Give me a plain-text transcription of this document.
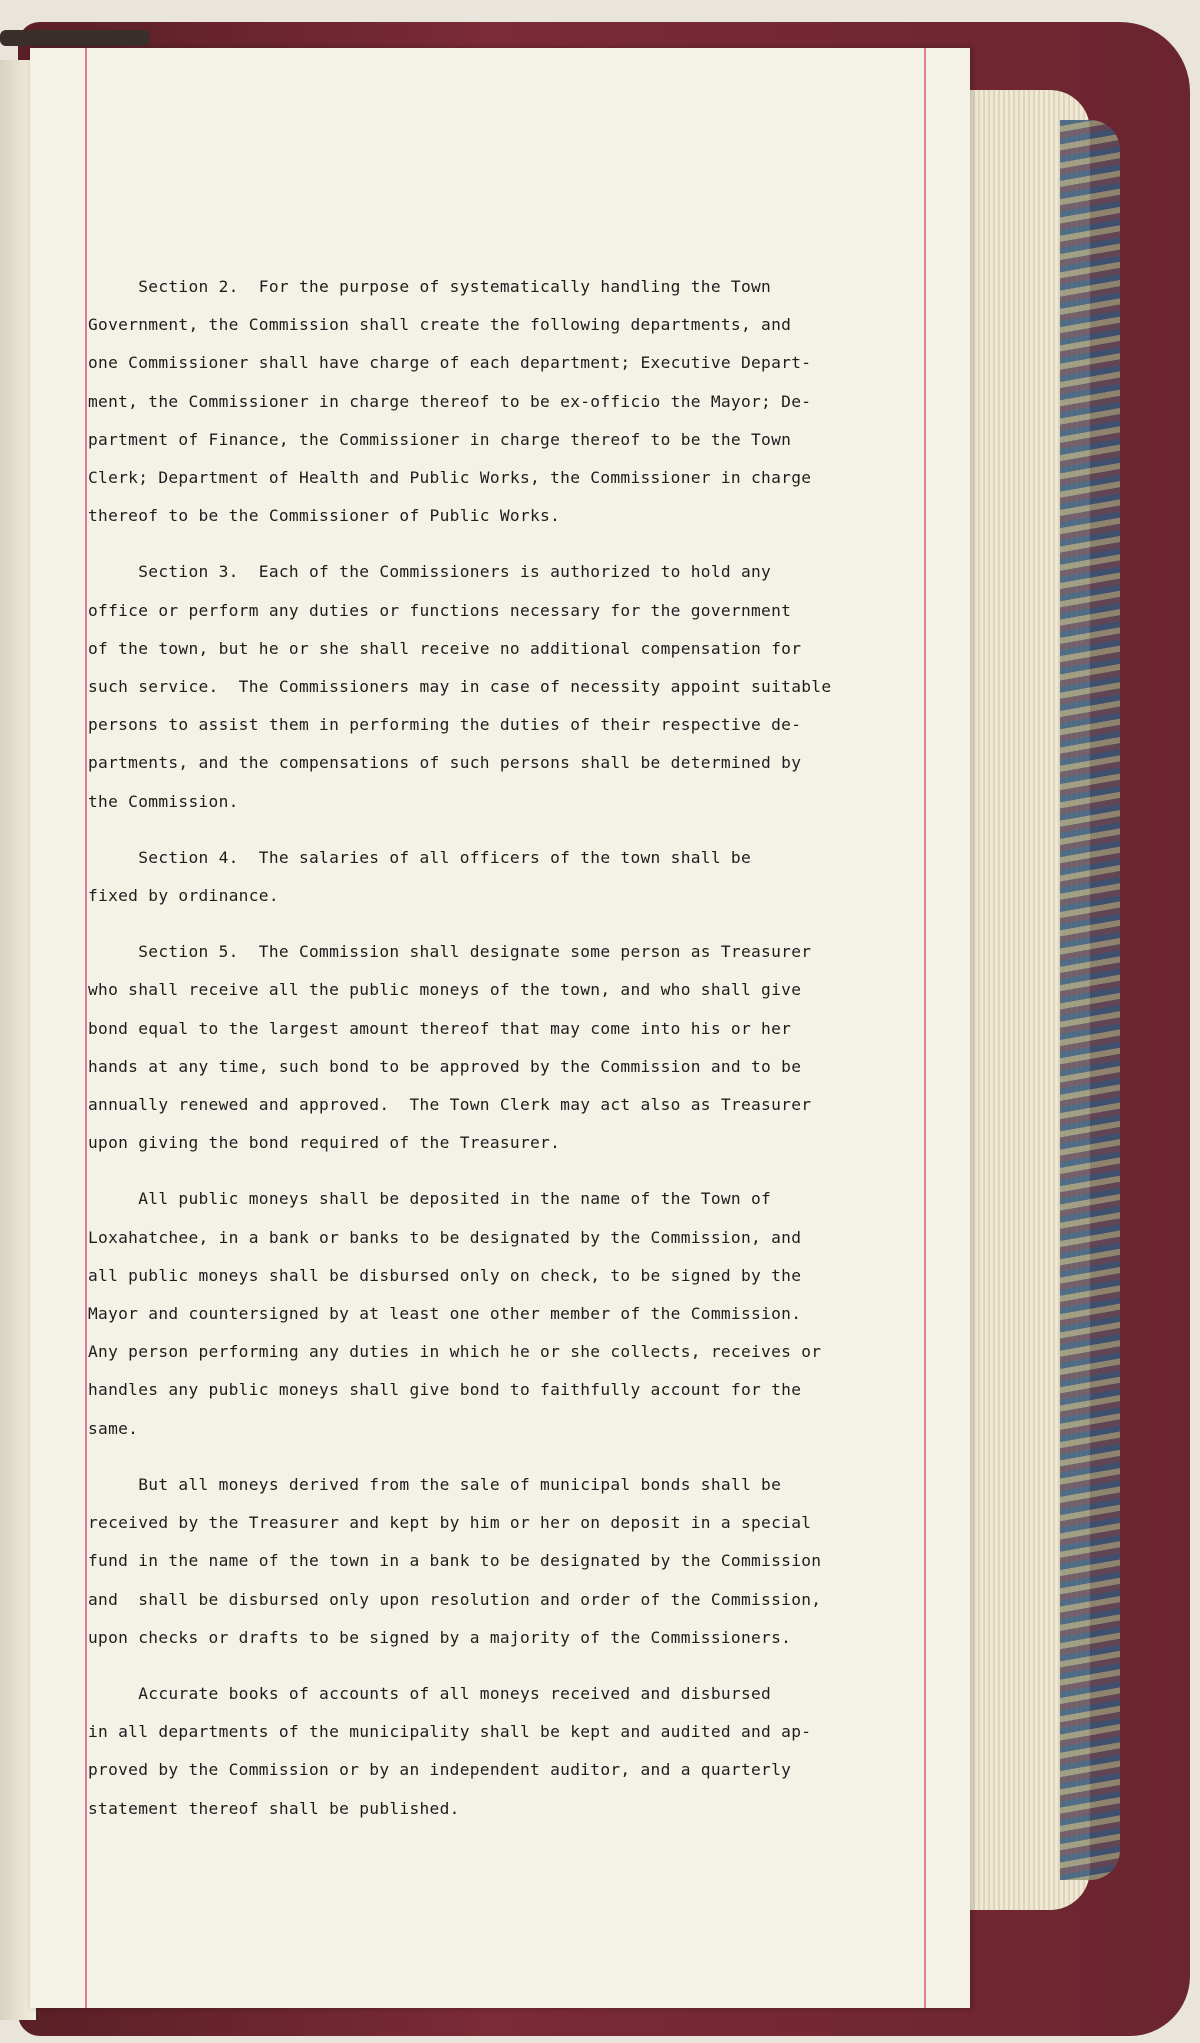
Section 2.  For the purpose of systematically handling the Town

Government, the Commission shall create the following departments, and

one Commissioner shall have charge of each department; Executive Depart-

ment, the Commissioner in charge thereof to be ex-officio the Mayor; De-

partment of Finance, the Commissioner in charge thereof to be the Town

Clerk; Department of Health and Public Works, the Commissioner in charge

thereof to be the Commissioner of Public Works.

Section 3.  Each of the Commissioners is authorized to hold any

office or perform any duties or functions necessary for the government

of the town, but he or she shall receive no additional compensation for

such service.  The Commissioners may in case of necessity appoint suitable

persons to assist them in performing the duties of their respective de-

partments, and the compensations of such persons shall be determined by

the Commission.

Section 4.  The salaries of all officers of the town shall be

fixed by ordinance.

Section 5.  The Commission shall designate some person as Treasurer

who shall receive all the public moneys of the town, and who shall give

bond equal to the largest amount thereof that may come into his or her

hands at any time, such bond to be approved by the Commission and to be

annually renewed and approved.  The Town Clerk may act also as Treasurer

upon giving the bond required of the Treasurer.

All public moneys shall be deposited in the name of the Town of

Loxahatchee, in a bank or banks to be designated by the Commission, and

all public moneys shall be disbursed only on check, to be signed by the

Mayor and countersigned by at least one other member of the Commission.

Any person performing any duties in which he or she collects, receives or

handles any public moneys shall give bond to faithfully account for the

same.

But all moneys derived from the sale of municipal bonds shall be

received by the Treasurer and kept by him or her on deposit in a special

fund in the name of the town in a bank to be designated by the Commission

and  shall be disbursed only upon resolution and order of the Commission,

upon checks or drafts to be signed by a majority of the Commissioners.

Accurate books of accounts of all moneys received and disbursed

in all departments of the municipality shall be kept and audited and ap-

proved by the Commission or by an independent auditor, and a quarterly

statement thereof shall be published.
